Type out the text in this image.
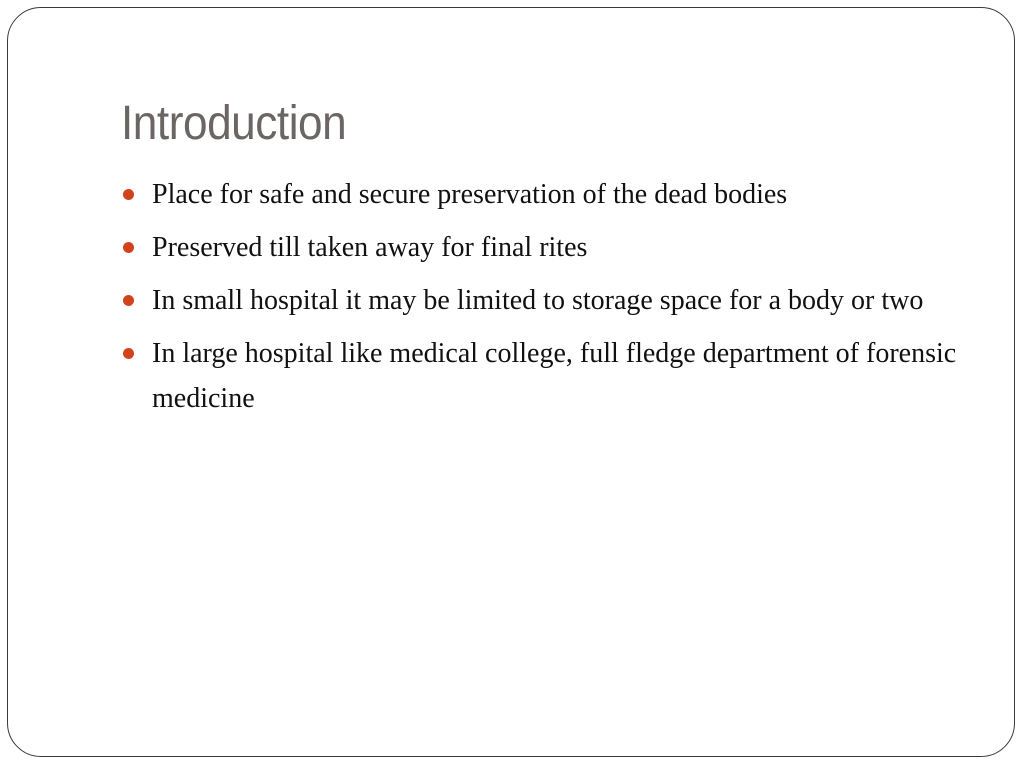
Introduction
Place for safe and secure preservation of the dead bodies
Preserved till taken away for final rites
In small hospital it may be limited to storage space for a body or two
In large hospital like medical college, full fledge department of forensic medicine
